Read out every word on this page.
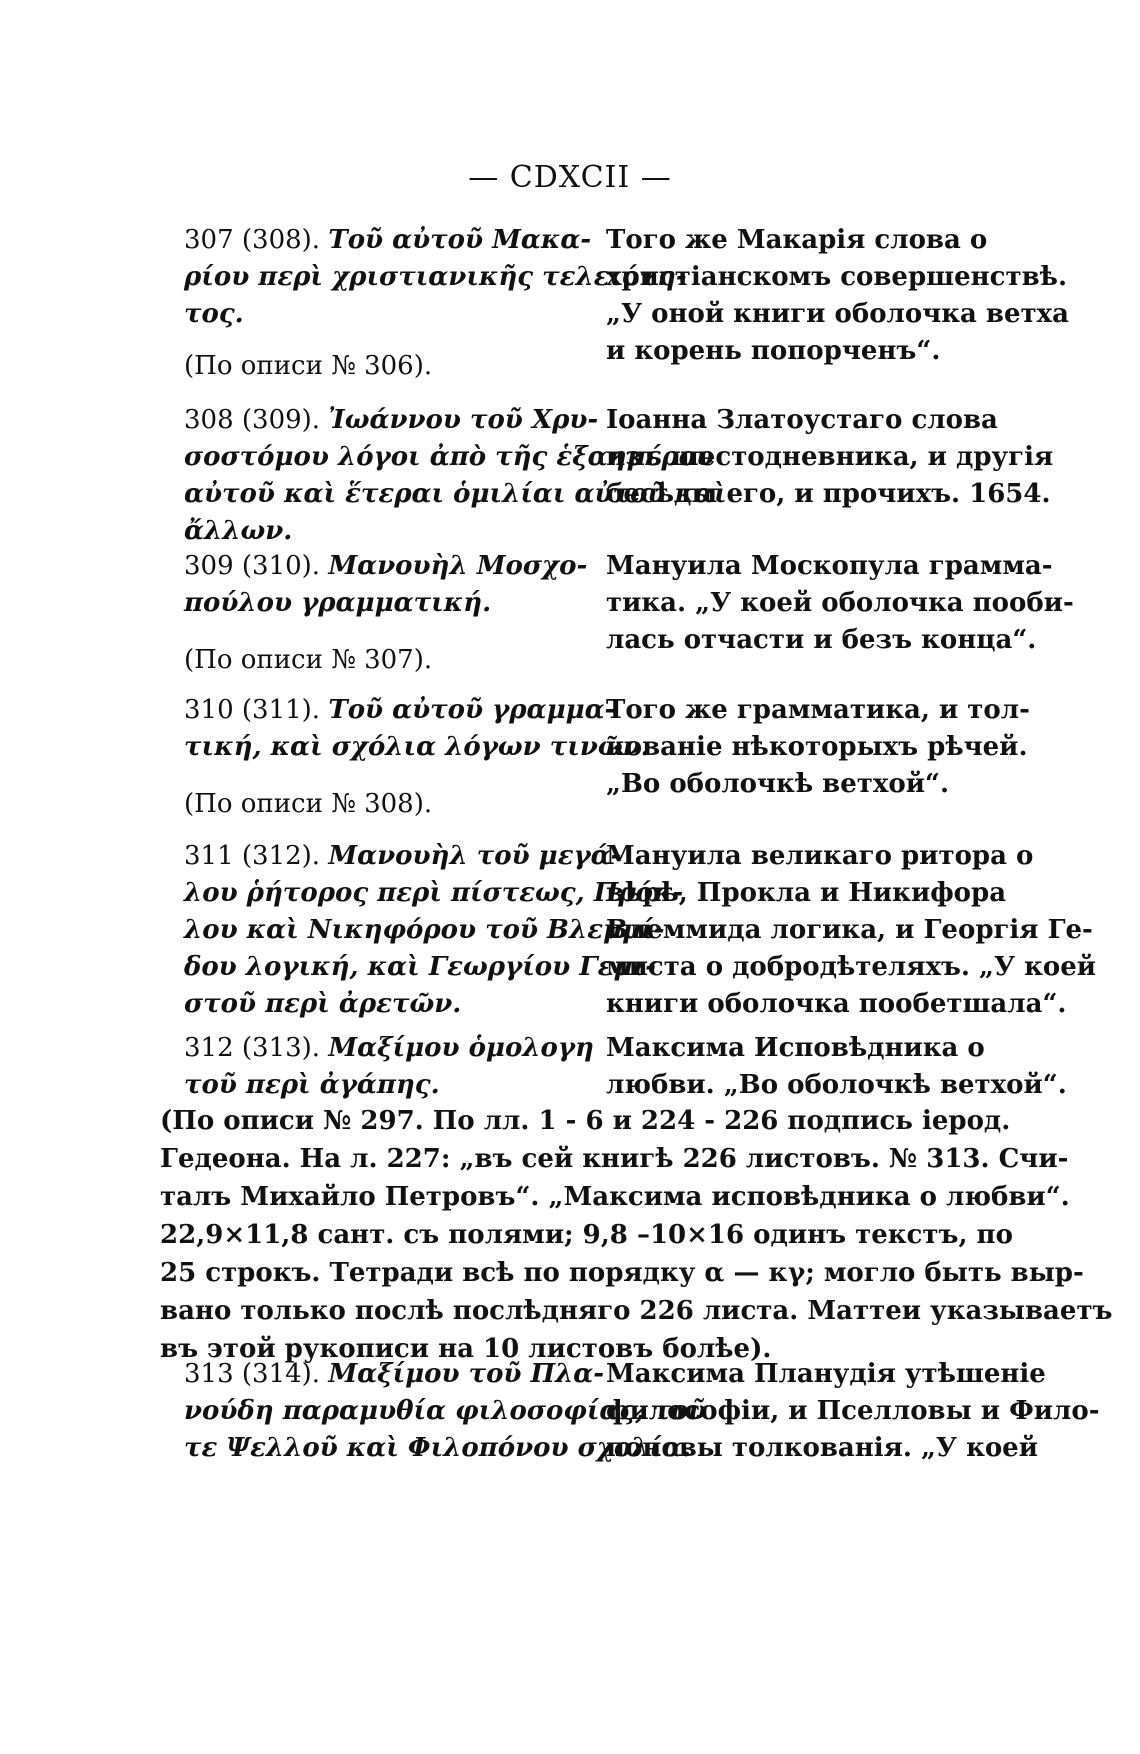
— CDXCII —
307 (308). Τοῦ αὐτοῦ Μακα-
ρίου περὶ χριστιανικῆς τελειότη-
τος.
Того же Макарія слова о
христіанскомъ совершенствѣ.
„У оной книги оболочка ветха
и корень попорченъ“.
(По описи № 306).
308 (309). Ἰωάννου τοῦ Χρυ-
σοστόμου λόγοι ἀπὸ τῆς ἑξαημέρου
αὐτοῦ καὶ ἕτεραι ὁμιλίαι αὐτοῦ καὶ
ἄλλων.
Іоанна Златоустаго слова
изъ шестодневника, и другія
бесѣды его, и прочихъ. 1654.
309 (310). Μανουὴλ Μοσχο-
πούλου γραμματική.
Мануила Москопула грамма-
тика. „У коей оболочка пооби-
лась отчасти и безъ конца“.
(По описи № 307).
310 (311). Τοῦ αὐτοῦ γραμμα-
τική, καὶ σχόλια λόγων τινῶν.
Того же грамматика, и тол-
кованіе нѣкоторыхъ рѣчей.
„Во оболочкѣ ветхой“.
(По описи № 308).
311 (312). Μανουὴλ τοῦ μεγά-
λου ῥήτορος περὶ πίστεως, Πρόκ-
λου καὶ Νικηφόρου τοῦ Βλεμμί-
δου λογική, καὶ Γεωργίου Γεμι-
στοῦ περὶ ἀρετῶν.
Мануила великаго ритора о
вѣрѣ, Прокла и Никифора
Влеммида логика, и Георгія Ге-
миста о добродѣтеляхъ. „У коей
книги оболочка пообетшала“.
312 (313). Μαξίμου ὁμολογη
τοῦ περὶ ἀγάπης.
Максима Исповѣдника о
любви. „Во оболочкѣ ветхой“.
(По описи № 297. По лл. 1 - 6 и 224 - 226 подпись іерод.
Гедеона. На л. 227: „въ сей книгѣ 226 листовъ. № 313. Счи-
талъ Михайло Петровъ“. „Максима исповѣдника о любви“.
22,9×11,8 сант. съ полями; 9,8 –10×16 одинъ текстъ, по
25 строкъ. Тетради всѣ по порядку α — κγ; могло быть выр-
вано только послѣ послѣдняго 226 листа. Маттеи указываетъ
въ этой рукописи на 10 листовъ болѣе).
313 (314). Μαξίμου τοῦ Πλα-
νούδη παραμυθία φιλοσοφίας, τοῦ
τε Ψελλοῦ καὶ Φιλοπόνου σχολία.
Максима Планудія утѣшеніе
философіи, и Пселловы и Фило-
поновы толкованія. „У коей
